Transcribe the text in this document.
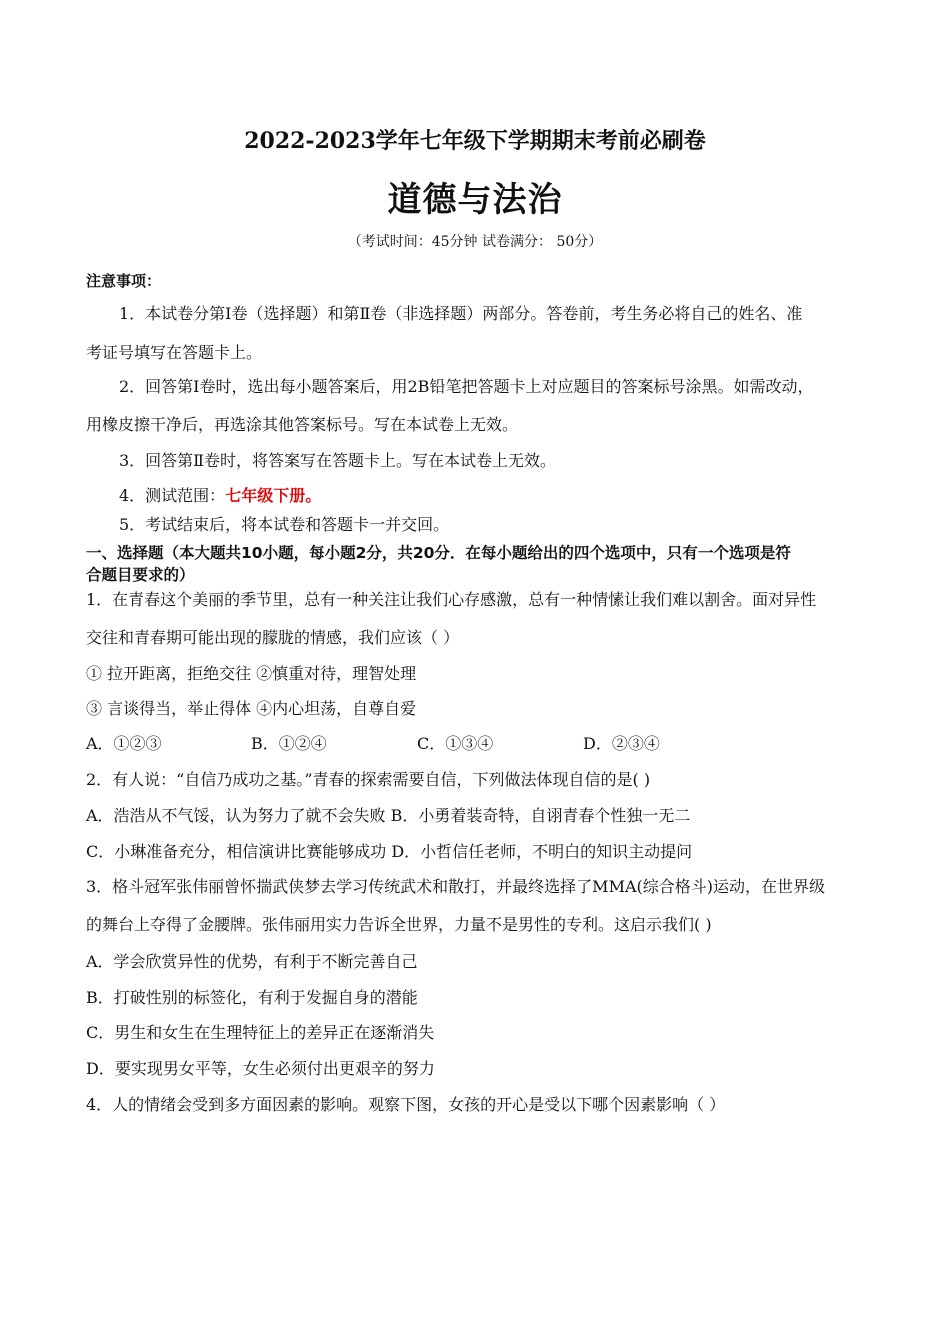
2022-2023学年七年级下学期期末考前必刷卷
道德与法治
（考试时间：45分钟 试卷满分： 50分）
注意事项：
1．本试卷分第Ⅰ卷（选择题）和第Ⅱ卷（非选择题）两部分。答卷前，考生务必将自己的姓名、准
考证号填写在答题卡上。
2．回答第Ⅰ卷时，选出每小题答案后，用2B铅笔把答题卡上对应题目的答案标号涂黑。如需改动，
用橡皮擦干净后，再选涂其他答案标号。写在本试卷上无效。
3．回答第Ⅱ卷时，将答案写在答题卡上。写在本试卷上无效。
4．测试范围：七年级下册。
5．考试结束后，将本试卷和答题卡一并交回。
一、选择题（本大题共10小题，每小题2分，共20分．在每小题给出的四个选项中，只有一个选项是符
合题目要求的）
1．在青春这个美丽的季节里，总有一种关注让我们心存感激，总有一种情愫让我们难以割舍。面对异性
交往和青春期可能出现的朦胧的情感，我们应该（ ）
① 拉开距离，拒绝交往 ②慎重对待，理智处理
③ 言谈得当，举止得体 ④内心坦荡，自尊自爱
A．①②③	B．①②④	C．①③④	D．②③④
2．有人说：“自信乃成功之基。”青春的探索需要自信，下列做法体现自信的是( )
A．浩浩从不气馁，认为努力了就不会失败 B．小勇着装奇特，自诩青春个性独一无二
C．小琳准备充分，相信演讲比赛能够成功 D．小哲信任老师，不明白的知识主动提问
3．格斗冠军张伟丽曾怀揣武侠梦去学习传统武术和散打，并最终选择了MMA(综合格斗)运动，在世界级
的舞台上夺得了金腰牌。张伟丽用实力告诉全世界，力量不是男性的专利。这启示我们( )
A．学会欣赏异性的优势，有利于不断完善自己
B．打破性别的标签化，有利于发掘自身的潜能
C．男生和女生在生理特征上的差异正在逐渐消失
D．要实现男女平等，女生必须付出更艰辛的努力
4．人的情绪会受到多方面因素的影响。观察下图，女孩的开心是受以下哪个因素影响（ ）
